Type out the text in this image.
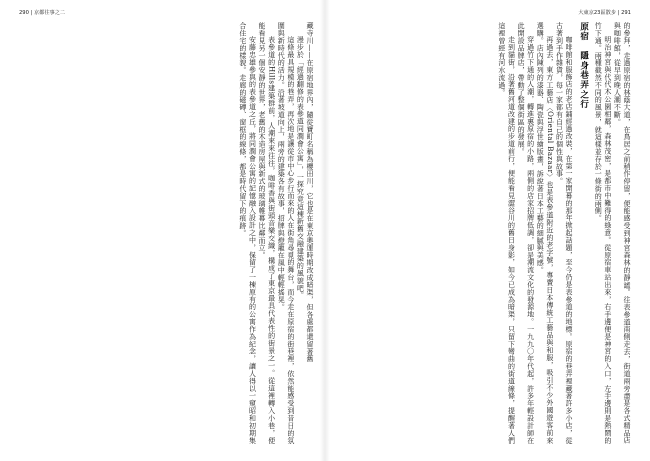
290 | 京都往事之二

藏寺川——在原宿地界內，隨從寶町名稱為櫻田川，它也是在東京奧運時期改成暗渠，但各處都還留著舊

漫步於「經過翻修的表參道同潤會公寓」，一探究竟這棟新舊交融建築的風貌吧。

這條最具規模的巷弄，再次地是讓從市中心步行而來的人在街角尋覓的舞台，而今走在原宿的街巷裡，依然能感受到昔日的氛圍與新時代的活力。沿著坡道向上，兩旁的建築各有故事，招牌與燈籠在風中輕輕搖晃。

表參道的Hills建築群前，人潮來來往往，咖啡香與街頭音樂交織，構成了東京最具代表性的街景之一。從這裡轉入小巷，便能看見另一個安靜的世界，老舊的木造房屋與新式的玻璃帷幕比鄰而立。

安藤忠雄參與的表參道之丘，將同潤會公寓的記憶融入設計之中，保留了一棟原有的公寓作為紀念，讓人得以一窺昭和初期集合住宅的樣貌。走廊的磁磚、窗框的線條，都是時代留下的痕跡。

大東京23區散步 | 291

的參拜，走過原宿的林蔭大道，在鳥居之前稍作停留，便能感受到神宮森林的靜謐。往表參道南側走去，街道兩旁盡是各式精品店與咖啡館，從早到晚人潮不斷。

明治神宮與代代木公園相鄰，森林茂密，是都市中難得的綠意。從原宿車站出來，右手邊便是神宮的入口，左手邊則是熱鬧的竹下通。兩種截然不同的風景，就這樣並存於一條街的兩側。

原宿　隱身巷弄之行

咖啡館和服飾店的老店鋪經過改裝，在第一家開幕的那年掀起話題，至今仍是表參道的地標。原宿的巷弄裡藏著許多小店，從古著到手作雜貨，每一家都有自己的個性與故事。

再過去，東方工藝店〈Oriental Bazaar〉也是表參道附近的老字號，專賣日本傳統工藝品與和服，吸引不少外國遊客前來選購。店內陳列的漆器、陶瓷與浮世繪版畫，訴說著日本工藝的細膩與美感。

穿過竹下通的人潮，轉進裏原宿的小路，兩側的店家招牌低調，卻是潮流文化的發源地。一九九〇年代起，許多年輕設計師在此開設品牌店，帶動了整個街區的發展。

走到貓街，沿著舊河道改建的步道前行，便能看見澀谷川的舊日身影，如今已成為暗渠，只留下彎曲的街道線條，提醒著人們這裡曾經有河水流過。
